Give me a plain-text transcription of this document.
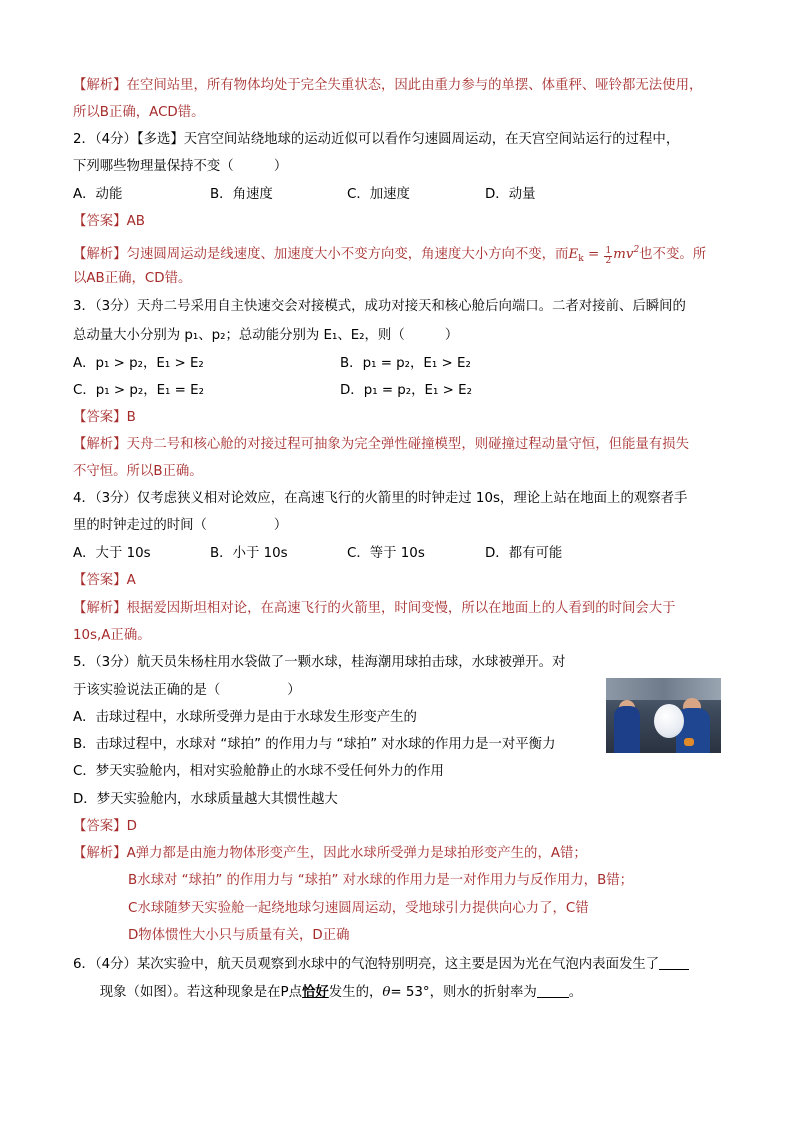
【解析】在空间站里，所有物体均处于完全失重状态，因此由重力参与的单摆、体重秤、哑铃都无法使用，
所以B正确，ACD错。
2．（4分）【多选】天宫空间站绕地球的运动近似可以看作匀速圆周运动，在天宫空间站运行的过程中，
下列哪些物理量保持不变（　　　）
A．动能	B．角速度	C．加速度	D．动量
【答案】AB
【解析】匀速圆周运动是线速度、加速度大小不变方向变，角速度大小方向不变，而$E_k = \frac{1}{2} mv^2$也不变。所
以AB正确，CD错。
3．（3分）天舟二号采用自主快速交会对接模式，成功对接天和核心舱后向端口。二者对接前、后瞬间的
总动量大小分别为 p₁、p₂；总动能分别为 E₁、E₂，则（　　　）
A．p₁ > p₂，E₁ > E₂	B．p₁ = p₂，E₁ > E₂
C．p₁ > p₂，E₁ = E₂	D．p₁ = p₂，E₁ > E₂
【答案】B
【解析】天舟二号和核心舱的对接过程可抽象为完全弹性碰撞模型，则碰撞过程动量守恒，但能量有损失
不守恒。所以B正确。
4．（3分）仅考虑狭义相对论效应，在高速飞行的火箭里的时钟走过 10s，理论上站在地面上的观察者手
里的时钟走过的时间（　　　　　）
A．大于 10s	B．小于 10s	C．等于 10s	D．都有可能
【答案】A
【解析】根据爱因斯坦相对论，在高速飞行的火箭里，时间变慢，所以在地面上的人看到的时间会大于
10s,A正确。
5．（3分）航天员朱杨柱用水袋做了一颗水球，桂海潮用球拍击球，水球被弹开。对
于该实验说法正确的是（　　　　　）
A．击球过程中，水球所受弹力是由于水球发生形变产生的
B．击球过程中，水球对 “球拍” 的作用力与 “球拍” 对水球的作用力是一对平衡力
C．梦天实验舱内，相对实验舱静止的水球不受任何外力的作用
D．梦天实验舱内，水球质量越大其惯性越大
【答案】D
【解析】A弹力都是由施力物体形变产生，因此水球所受弹力是球拍形变产生的，A错；
B水球对 “球拍” 的作用力与 “球拍” 对水球的作用力是一对作用力与反作用力，B错；
C水球随梦天实验舱一起绕地球匀速圆周运动，受地球引力提供向心力了，C错
D物体惯性大小只与质量有关，D正确
6．（4分）某次实验中，航天员观察到水球中的气泡特别明亮，这主要是因为光在气泡内表面发生了
　　现象（如图）。若这种现象是在P点恰好发生的，θ= 53°，则水的折射率为 。
